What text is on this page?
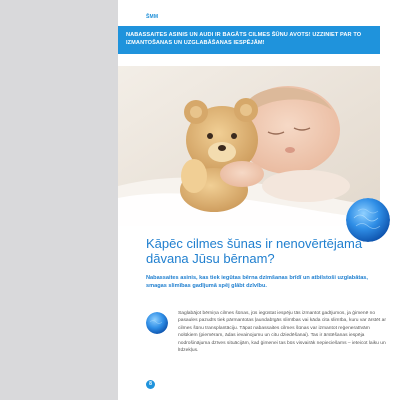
ŠMM
NABASSAITES ASINIS UN AUDI IR BAGĀTS CILMES ŠŪNU AVOTS! UZZINIET PAR TO IZMANTOŠANAS UN UZGLABĀŠANAS IESPĒJĀM!
Kāpēc cilmes šūnas ir nenovērtējama dāvana Jūsu bērnam?
Nabassaites asinis, kas tiek iegūtas bērna dzimšanas brīdī un atbilstoši uzglabātas, smagas slimības gadījumā spēj glābt dzīvību.
Saglabājot bērniņa cilmes šūnas, jūs iegūstat iespēju tās izmantot gadījumos, ja ģimenē no pasaules pazudīs tiek pārmantotas ļaundabīgās slimības vai kāda cita slimība, kuru var ārstēt ar cilmes šūnu transplantāciju. Tāpat nabassaites cilmes šūnas var izmantot reģeneratīvām nolūkiem (piemēram, ādas ievainojumu un citu dziedēšanai). Tas ir ārstēšanas iespēja nodrošinājuma dzīves situācijām, kad ģimenei tas būs visvairāk nepieciešams – ieteicot laiku un līdzekļus.
8
